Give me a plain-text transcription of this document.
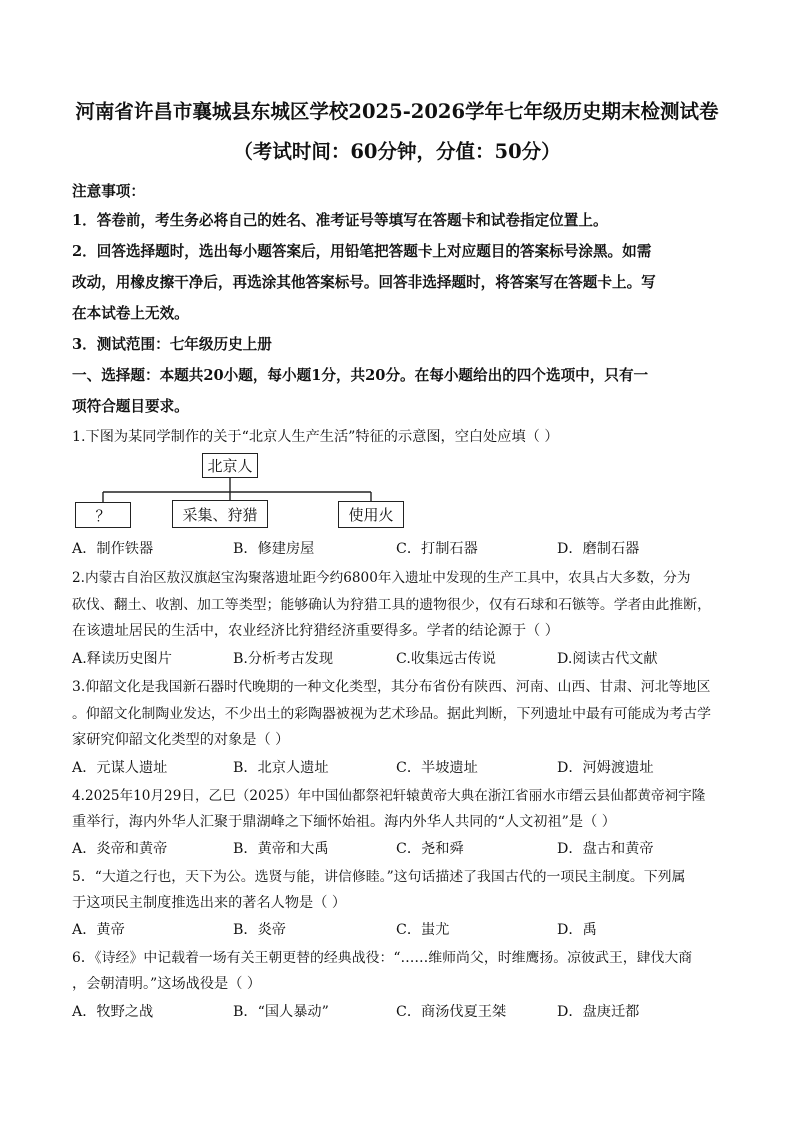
河南省许昌市襄城县东城区学校2025-2026学年七年级历史期末检测试卷
（考试时间：60分钟，分值：50分）
注意事项：
1．答卷前，考生务必将自己的姓名、准考证号等填写在答题卡和试卷指定位置上。
2．回答选择题时，选出每小题答案后，用铅笔把答题卡上对应题目的答案标号涂黑。如需
改动，用橡皮擦干净后，再选涂其他答案标号。回答非选择题时，将答案写在答题卡上。写
在本试卷上无效。
3．测试范围：七年级历史上册
一、选择题：本题共20小题，每小题1分，共20分。在每小题给出的四个选项中，只有一
项符合题目要求。
1.下图为某同学制作的关于“北京人生产生活”特征的示意图，空白处应填（ ）
北京人
？	采集、狩猎	使用火
A．制作铁器	B．修建房屋	C．打制石器	D．磨制石器
2.内蒙古自治区敖汉旗赵宝沟聚落遗址距今约6800年入遗址中发现的生产工具中，农具占大多数，分为
砍伐、翻土、收割、加工等类型；能够确认为狩猎工具的遗物很少，仅有石球和石镞等。学者由此推断，
在该遗址居民的生活中，农业经济比狩猎经济重要得多。学者的结论源于（ ）
A.释读历史图片	B.分析考古发现	C.收集远古传说	D.阅读古代文献
3.仰韶文化是我国新石器时代晚期的一种文化类型，其分布省份有陕西、河南、山西、甘肃、河北等地区
。仰韶文化制陶业发达，不少出土的彩陶器被视为艺术珍品。据此判断，下列遗址中最有可能成为考古学
家研究仰韶文化类型的对象是（ ）
A．元谋人遗址	B．北京人遗址	C．半坡遗址	D．河姆渡遗址
4.2025年10月29日，乙巳（2025）年中国仙都祭祀轩辕黄帝大典在浙江省丽水市缙云县仙都黄帝祠宇隆
重举行，海内外华人汇聚于鼎湖峰之下缅怀始祖。海内外华人共同的“人文初祖”是（ ）
A．炎帝和黄帝	B．黄帝和大禹	C．尧和舜	D．盘古和黄帝
5．“大道之行也，天下为公。选贤与能，讲信修睦。”这句话描述了我国古代的一项民主制度。下列属
于这项民主制度推选出来的著名人物是（ ）
A．黄帝	B．炎帝	C．蚩尤	D．禹
6．《诗经》中记载着一场有关王朝更替的经典战役：“……维师尚父，时维鹰扬。凉彼武王，肆伐大商
，会朝清明。”这场战役是（ ）
A．牧野之战	B．“国人暴动”	C．商汤伐夏王桀	D．盘庚迁都
